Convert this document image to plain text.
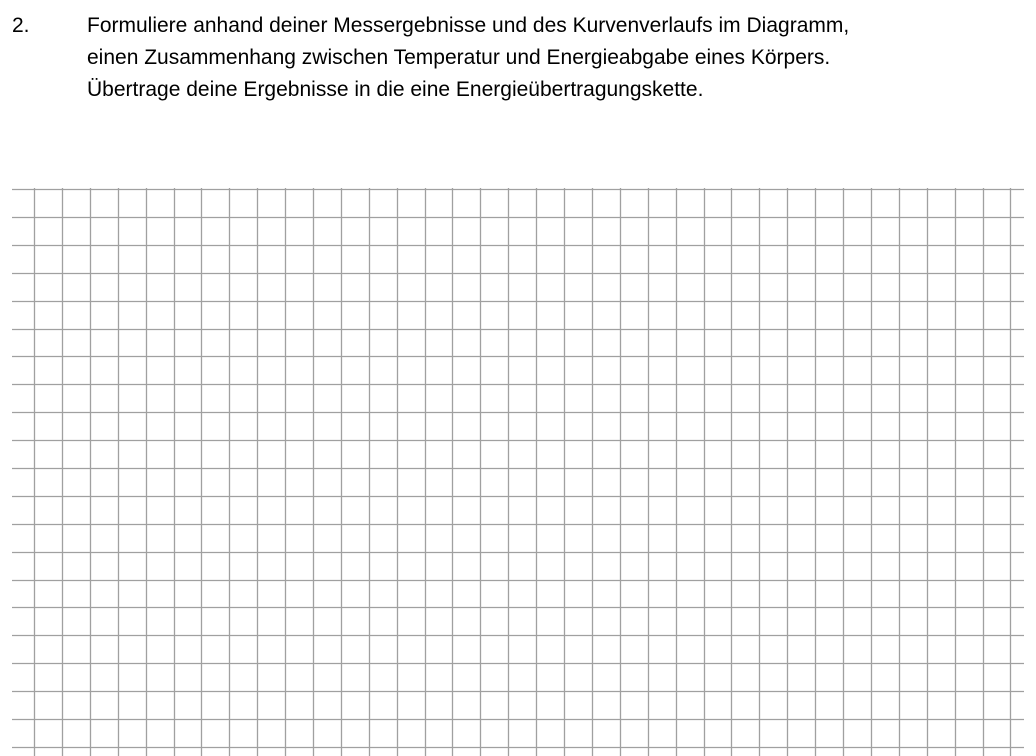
2.	Formuliere anhand deiner Messergebnisse und des Kurvenverlaufs im Diagramm,
einen Zusammenhang zwischen Temperatur und Energieabgabe eines Körpers.
Übertrage deine Ergebnisse in die eine Energieübertragungskette.
